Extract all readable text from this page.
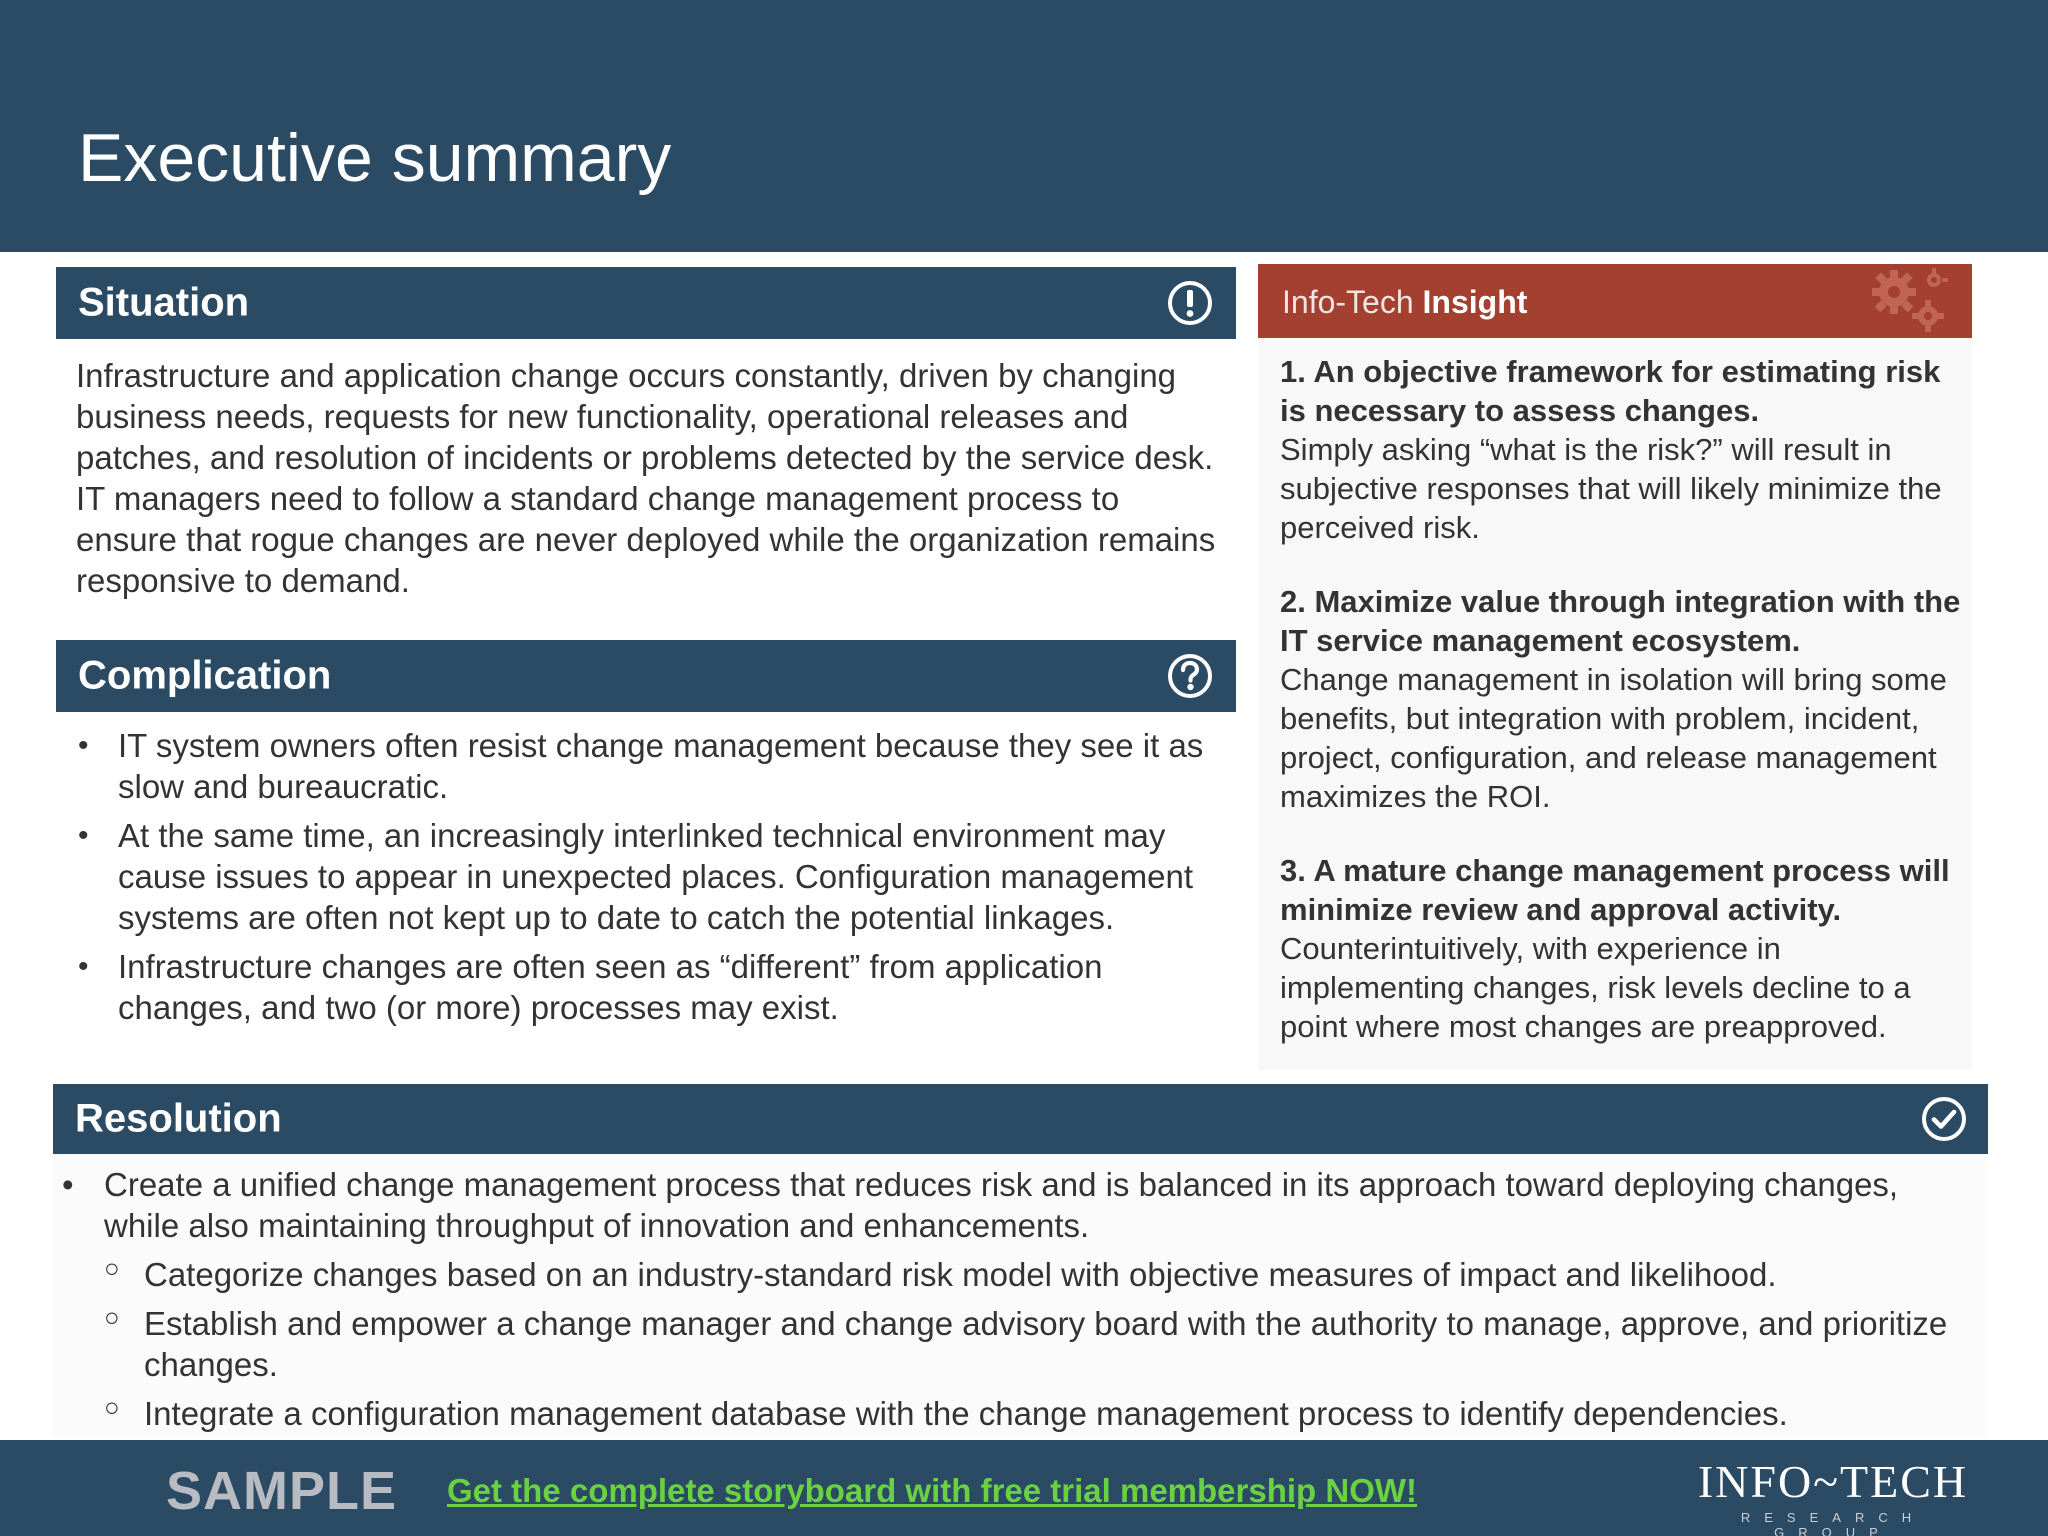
Executive summary
Situation

Infrastructure and application change occurs constantly, driven by changing business needs, requests for new functionality, operational releases and patches, and resolution of incidents or problems detected by the service desk. IT managers need to follow a standard change management process to ensure that rogue changes are never deployed while the organization remains responsive to demand.

Complication
• IT system owners often resist change management because they see it as slow and bureaucratic.
• At the same time, an increasingly interlinked technical environment may cause issues to appear in unexpected places. Configuration management systems are often not kept up to date to catch the potential linkages.
• Infrastructure changes are often seen as “different” from application changes, and two (or more) processes may exist.
Info-Tech Insight

1. An objective framework for estimating risk is necessary to assess changes.
Simply asking “what is the risk?” will result in subjective responses that will likely minimize the perceived risk.

2. Maximize value through integration with the IT service management ecosystem.
Change management in isolation will bring some benefits, but integration with problem, incident, project, configuration, and release management maximizes the ROI.

3. A mature change management process will minimize review and approval activity.
Counterintuitively, with experience in implementing changes, risk levels decline to a point where most changes are preapproved.

Resolution
• Create a unified change management process that reduces risk and is balanced in its approach toward deploying changes, while also maintaining throughput of innovation and enhancements.
○ Categorize changes based on an industry-standard risk model with objective measures of impact and likelihood.
○ Establish and empower a change manager and change advisory board with the authority to manage, approve, and prioritize changes.
○ Integrate a configuration management database with the change management process to identify dependencies.
SAMPLE Get the complete storyboard with free trial membership NOW!	INFO~TECH
RESEARCH GROUP
